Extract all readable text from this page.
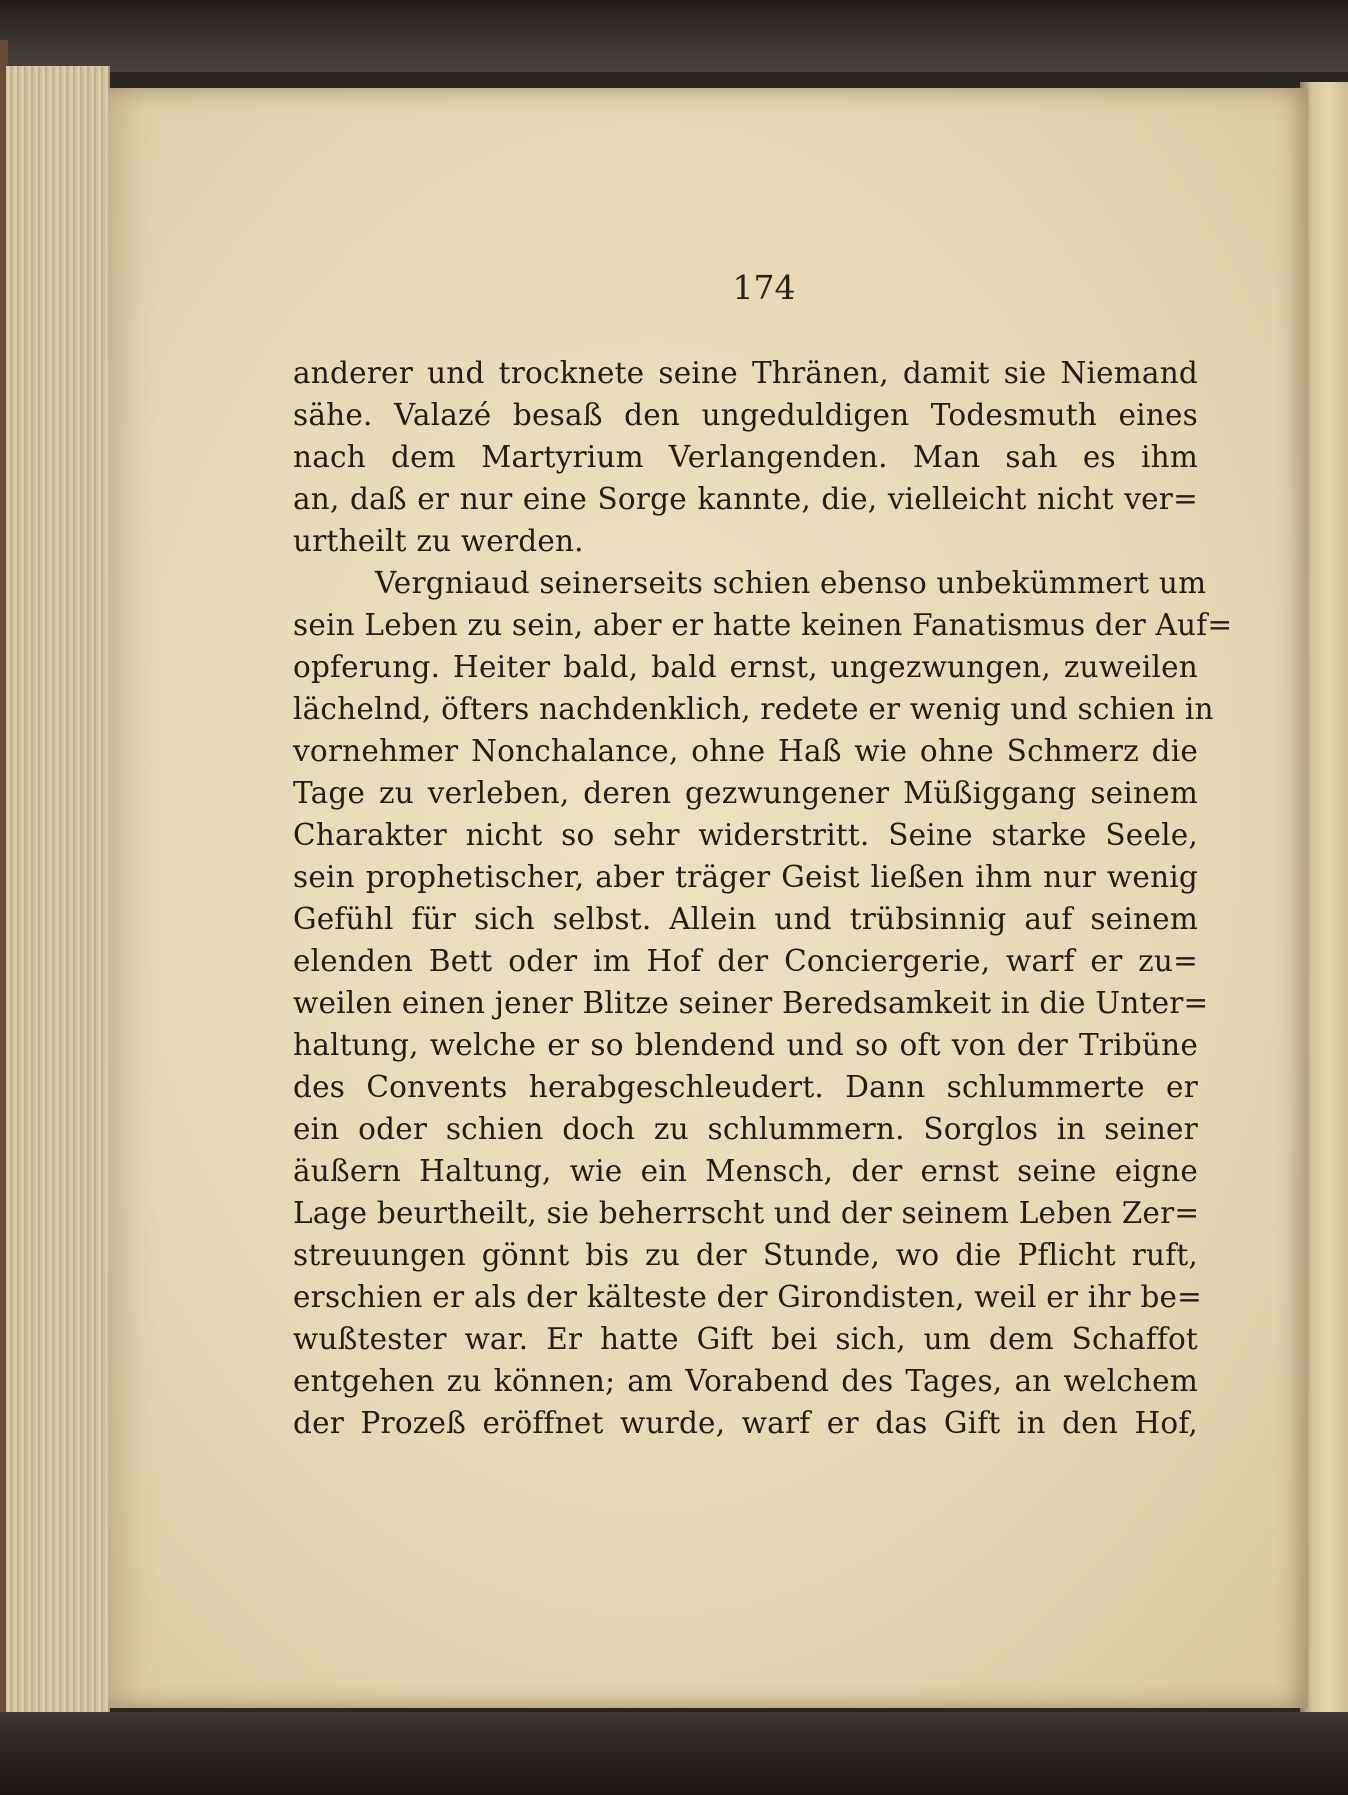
174
anderer und trocknete seine Thränen, damit sie Niemand
sähe. Valazé besaß den ungeduldigen Todesmuth eines
nach dem Martyrium Verlangenden. Man sah es ihm
an, daß er nur eine Sorge kannte, die, vielleicht nicht ver=
urtheilt zu werden.
Vergniaud seinerseits schien ebenso unbekümmert um
sein Leben zu sein, aber er hatte keinen Fanatismus der Auf=
opferung. Heiter bald, bald ernst, ungezwungen, zuweilen
lächelnd, öfters nachdenklich, redete er wenig und schien in
vornehmer Nonchalance, ohne Haß wie ohne Schmerz die
Tage zu verleben, deren gezwungener Müßiggang seinem
Charakter nicht so sehr widerstritt. Seine starke Seele,
sein prophetischer, aber träger Geist ließen ihm nur wenig
Gefühl für sich selbst. Allein und trübsinnig auf seinem
elenden Bett oder im Hof der Conciergerie, warf er zu=
weilen einen jener Blitze seiner Beredsamkeit in die Unter=
haltung, welche er so blendend und so oft von der Tribüne
des Convents herabgeschleudert. Dann schlummerte er
ein oder schien doch zu schlummern. Sorglos in seiner
äußern Haltung, wie ein Mensch, der ernst seine eigne
Lage beurtheilt, sie beherrscht und der seinem Leben Zer=
streuungen gönnt bis zu der Stunde, wo die Pflicht ruft,
erschien er als der kälteste der Girondisten, weil er ihr be=
wußtester war. Er hatte Gift bei sich, um dem Schaffot
entgehen zu können; am Vorabend des Tages, an welchem
der Prozeß eröffnet wurde, warf er das Gift in den Hof,
